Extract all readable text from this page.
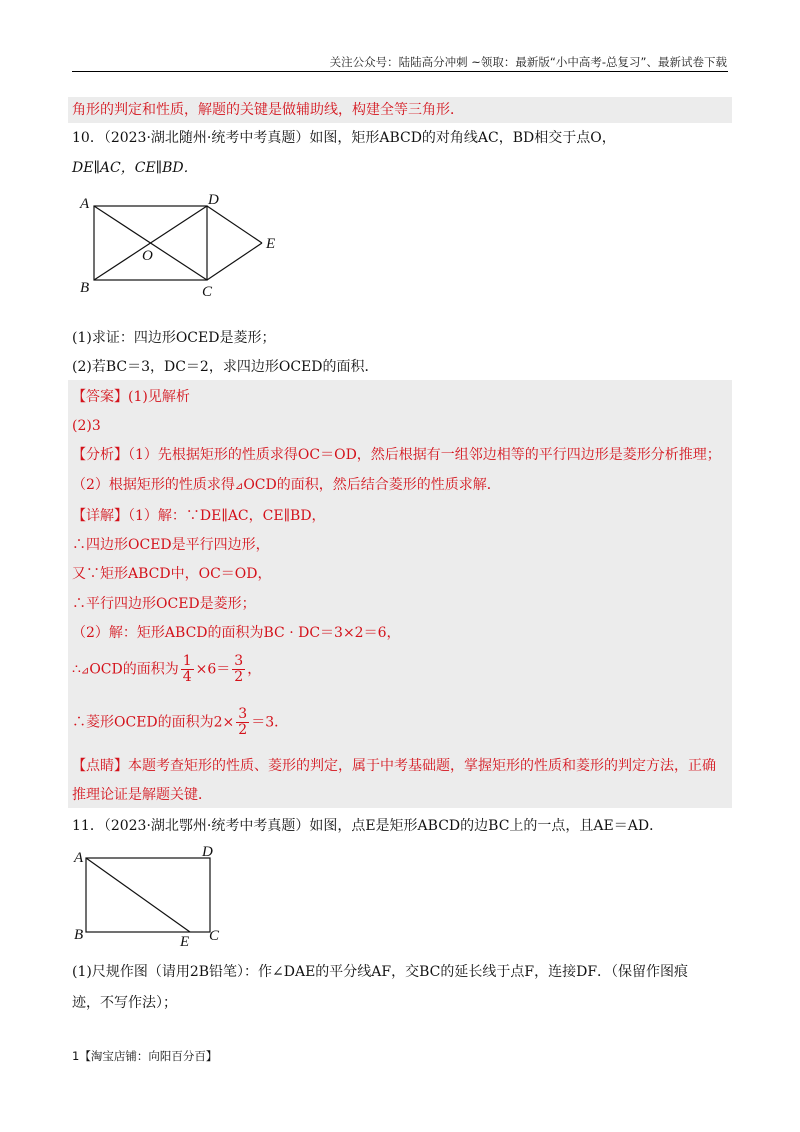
关注公众号：陆陆高分冲刺 ~领取：最新版“小中高考-总复习”、最新试卷下载
角形的判定和性质，解题的关键是做辅助线，构建全等三角形．
10．（2023·湖北随州·统考中考真题）如图，矩形ABCD的对角线AC，BD相交于点O，
DE∥AC，CE∥BD．
A	D
E
O
B	C
(1)求证：四边形OCED是菱形；
(2)若BC＝3，DC＝2，求四边形OCED的面积．
【答案】(1)见解析
(2)3
【分析】（1）先根据矩形的性质求得OC＝OD，然后根据有一组邻边相等的平行四边形是菱形分析推理；
（2）根据矩形的性质求得⊿OCD的面积，然后结合菱形的性质求解．
【详解】（1）解：∵DE∥AC，CE∥BD，
∴四边形OCED是平行四边形，
又∵矩形ABCD中，OC＝OD，
∴平行四边形OCED是菱形；
（2）解：矩形ABCD的面积为BC · DC＝3×2＝6，
∴⊿OCD的面积为 $\frac{1}{4} \times 6= \frac{3}{2}$ ，
∴菱形OCED的面积为$2\times \frac{3}{2} =3$．
【点睛】本题考查矩形的性质、菱形的判定，属于中考基础题，掌握矩形的性质和菱形的判定方法，正确
推理论证是解题关键．
11．（2023·湖北鄂州·统考中考真题）如图，点E是矩形ABCD的边BC上的一点，且AE＝AD．
A	D
B	E C
(1)尺规作图（请用2B铅笔）：作∠DAE的平分线AF，交BC的延长线于点F，连接DF．（保留作图痕
迹，不写作法）；
1【淘宝店铺：向阳百分百】
